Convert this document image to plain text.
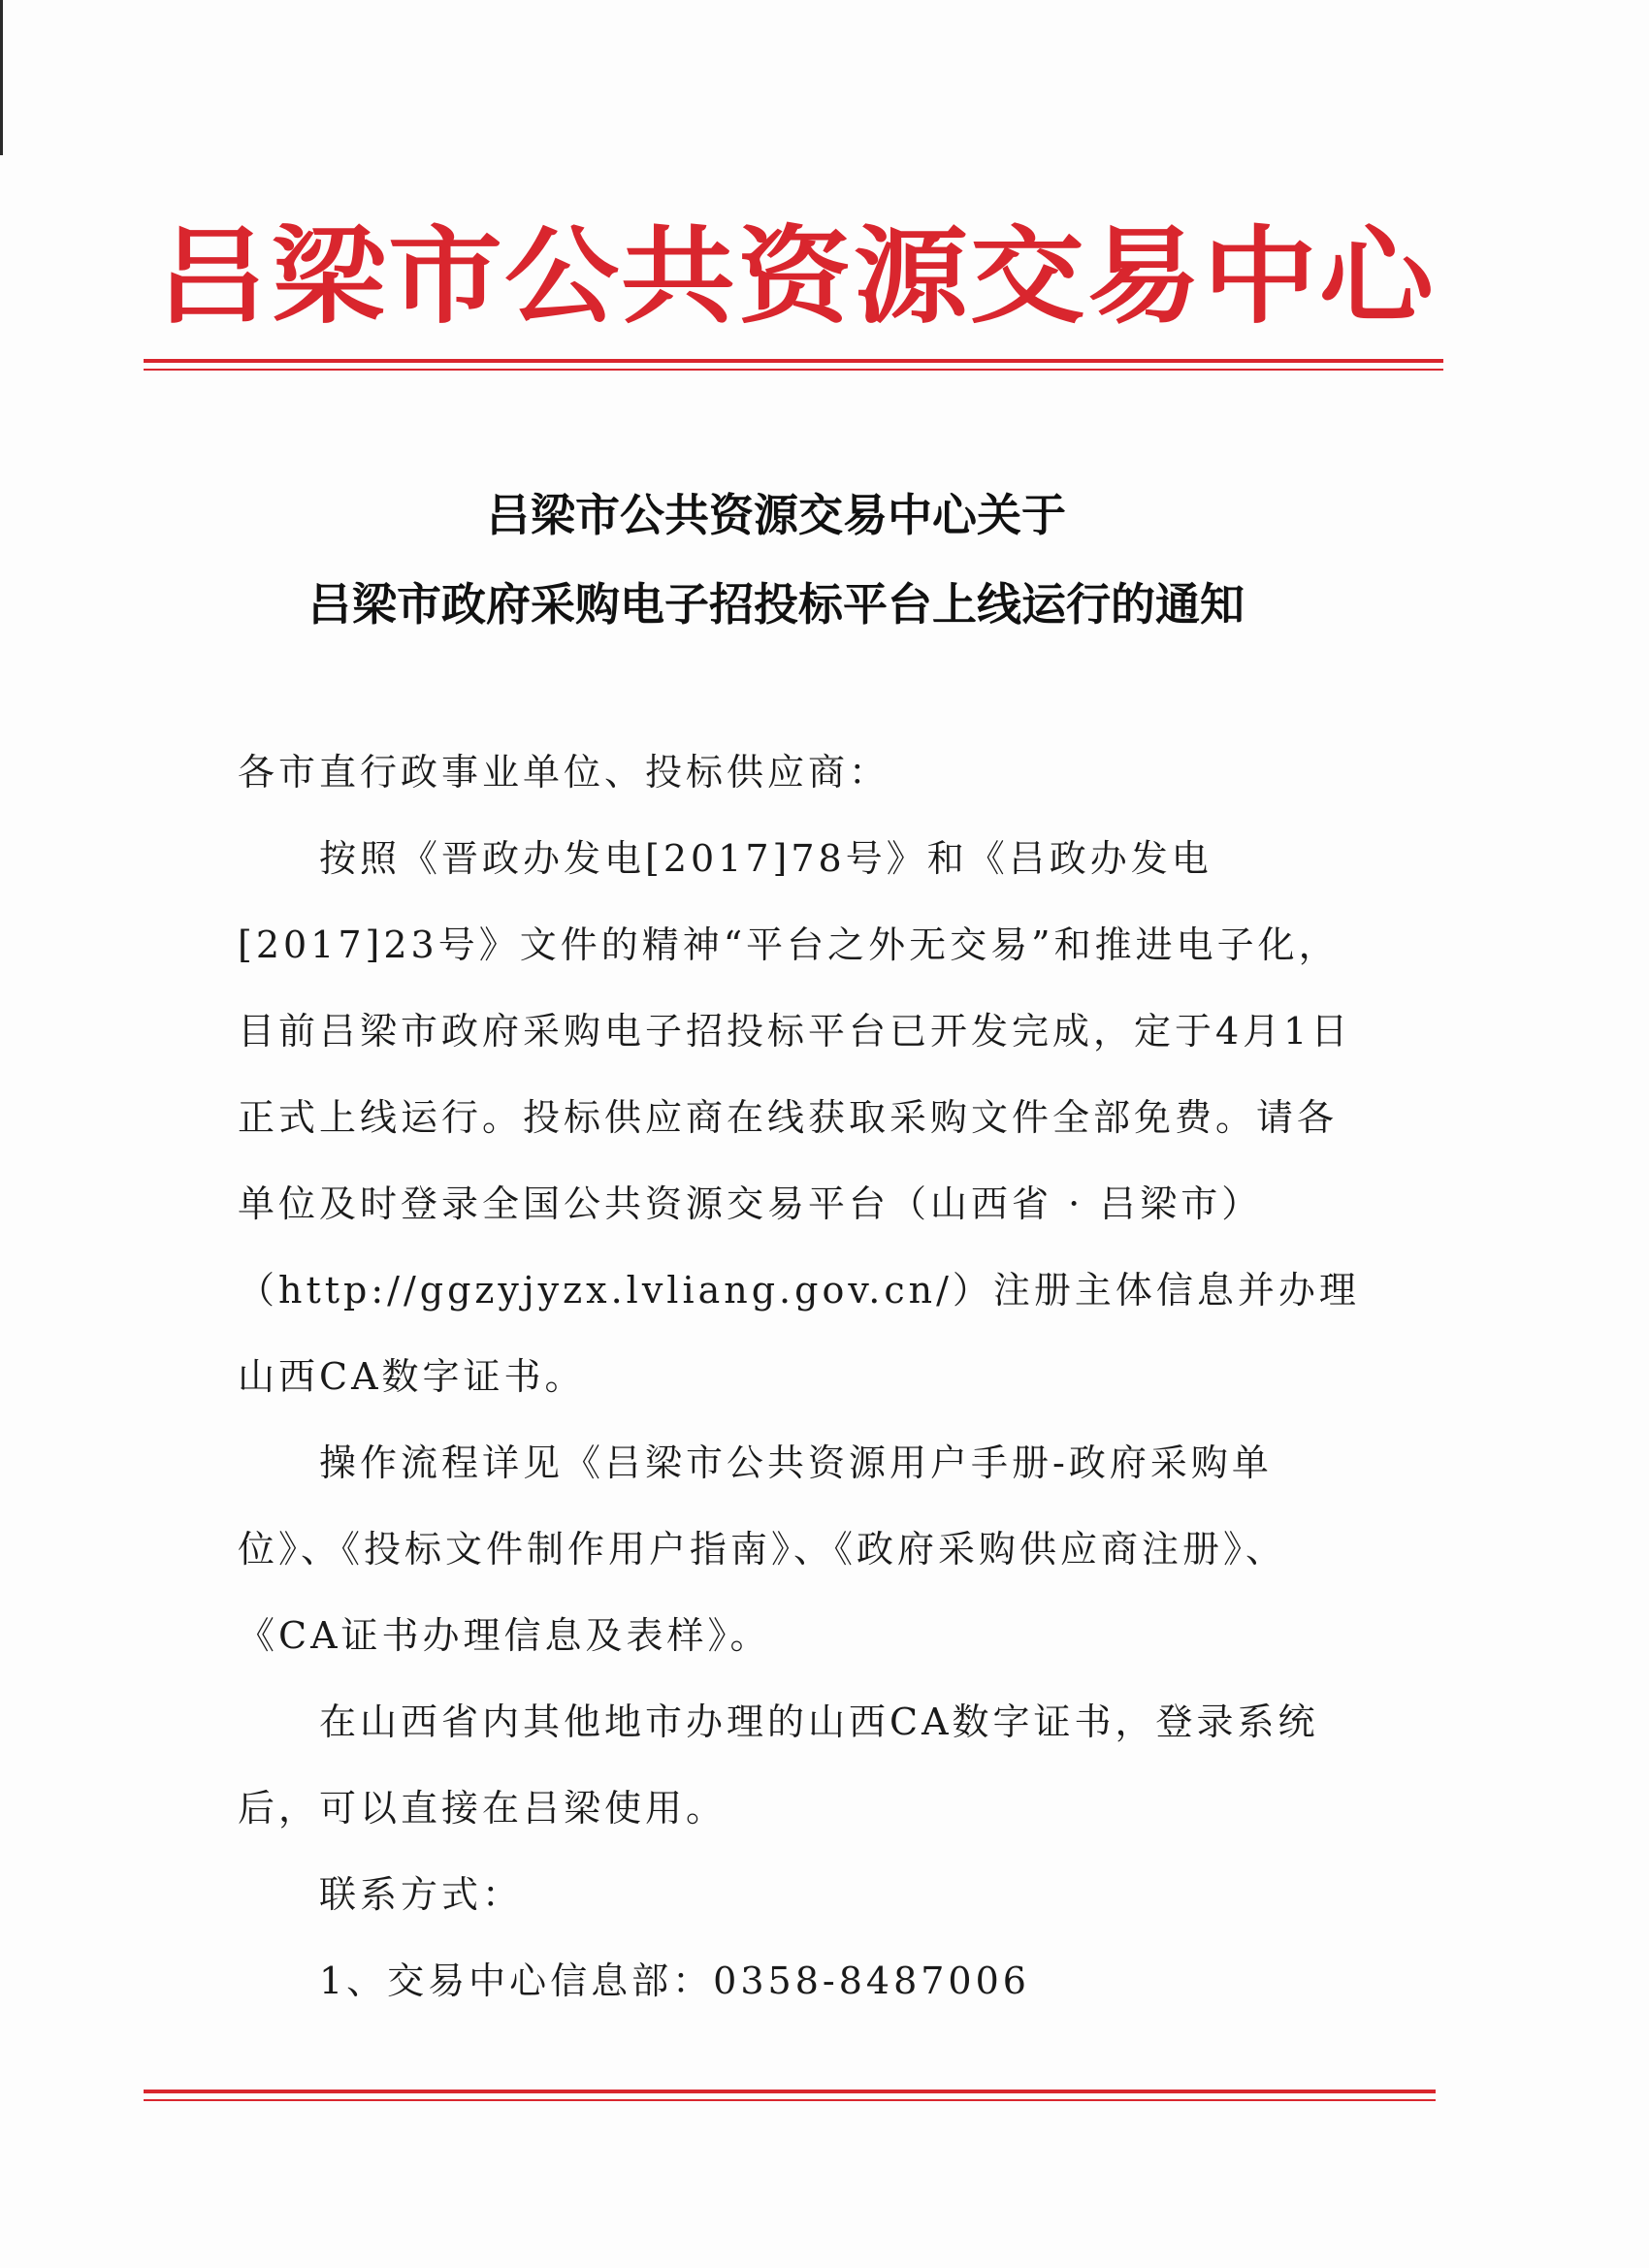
吕梁市公共资源交易中心
吕梁市公共资源交易中心关于
吕梁市政府采购电子招投标平台上线运行的通知

各市直行政事业单位、投标供应商：

按照《晋政办发电[2017]78号》和《吕政办发电[2017]23号》文件的精神“平台之外无交易”和推进电子化，目前吕梁市政府采购电子招投标平台已开发完成，定于4月1日正式上线运行。投标供应商在线获取采购文件全部免费。请各单位及时登录全国公共资源交易平台（山西省 · 吕梁市）（http://ggzyjyzx.lvliang.gov.cn/）注册主体信息并办理山西CA数字证书。

操作流程详见《吕梁市公共资源用户手册-政府采购单位》、《投标文件制作用户指南》、《政府采购供应商注册》、《CA证书办理信息及表样》。

在山西省内其他地市办理的山西CA数字证书，登录系统后，可以直接在吕梁使用。

联系方式：

1、交易中心信息部：0358-8487006
